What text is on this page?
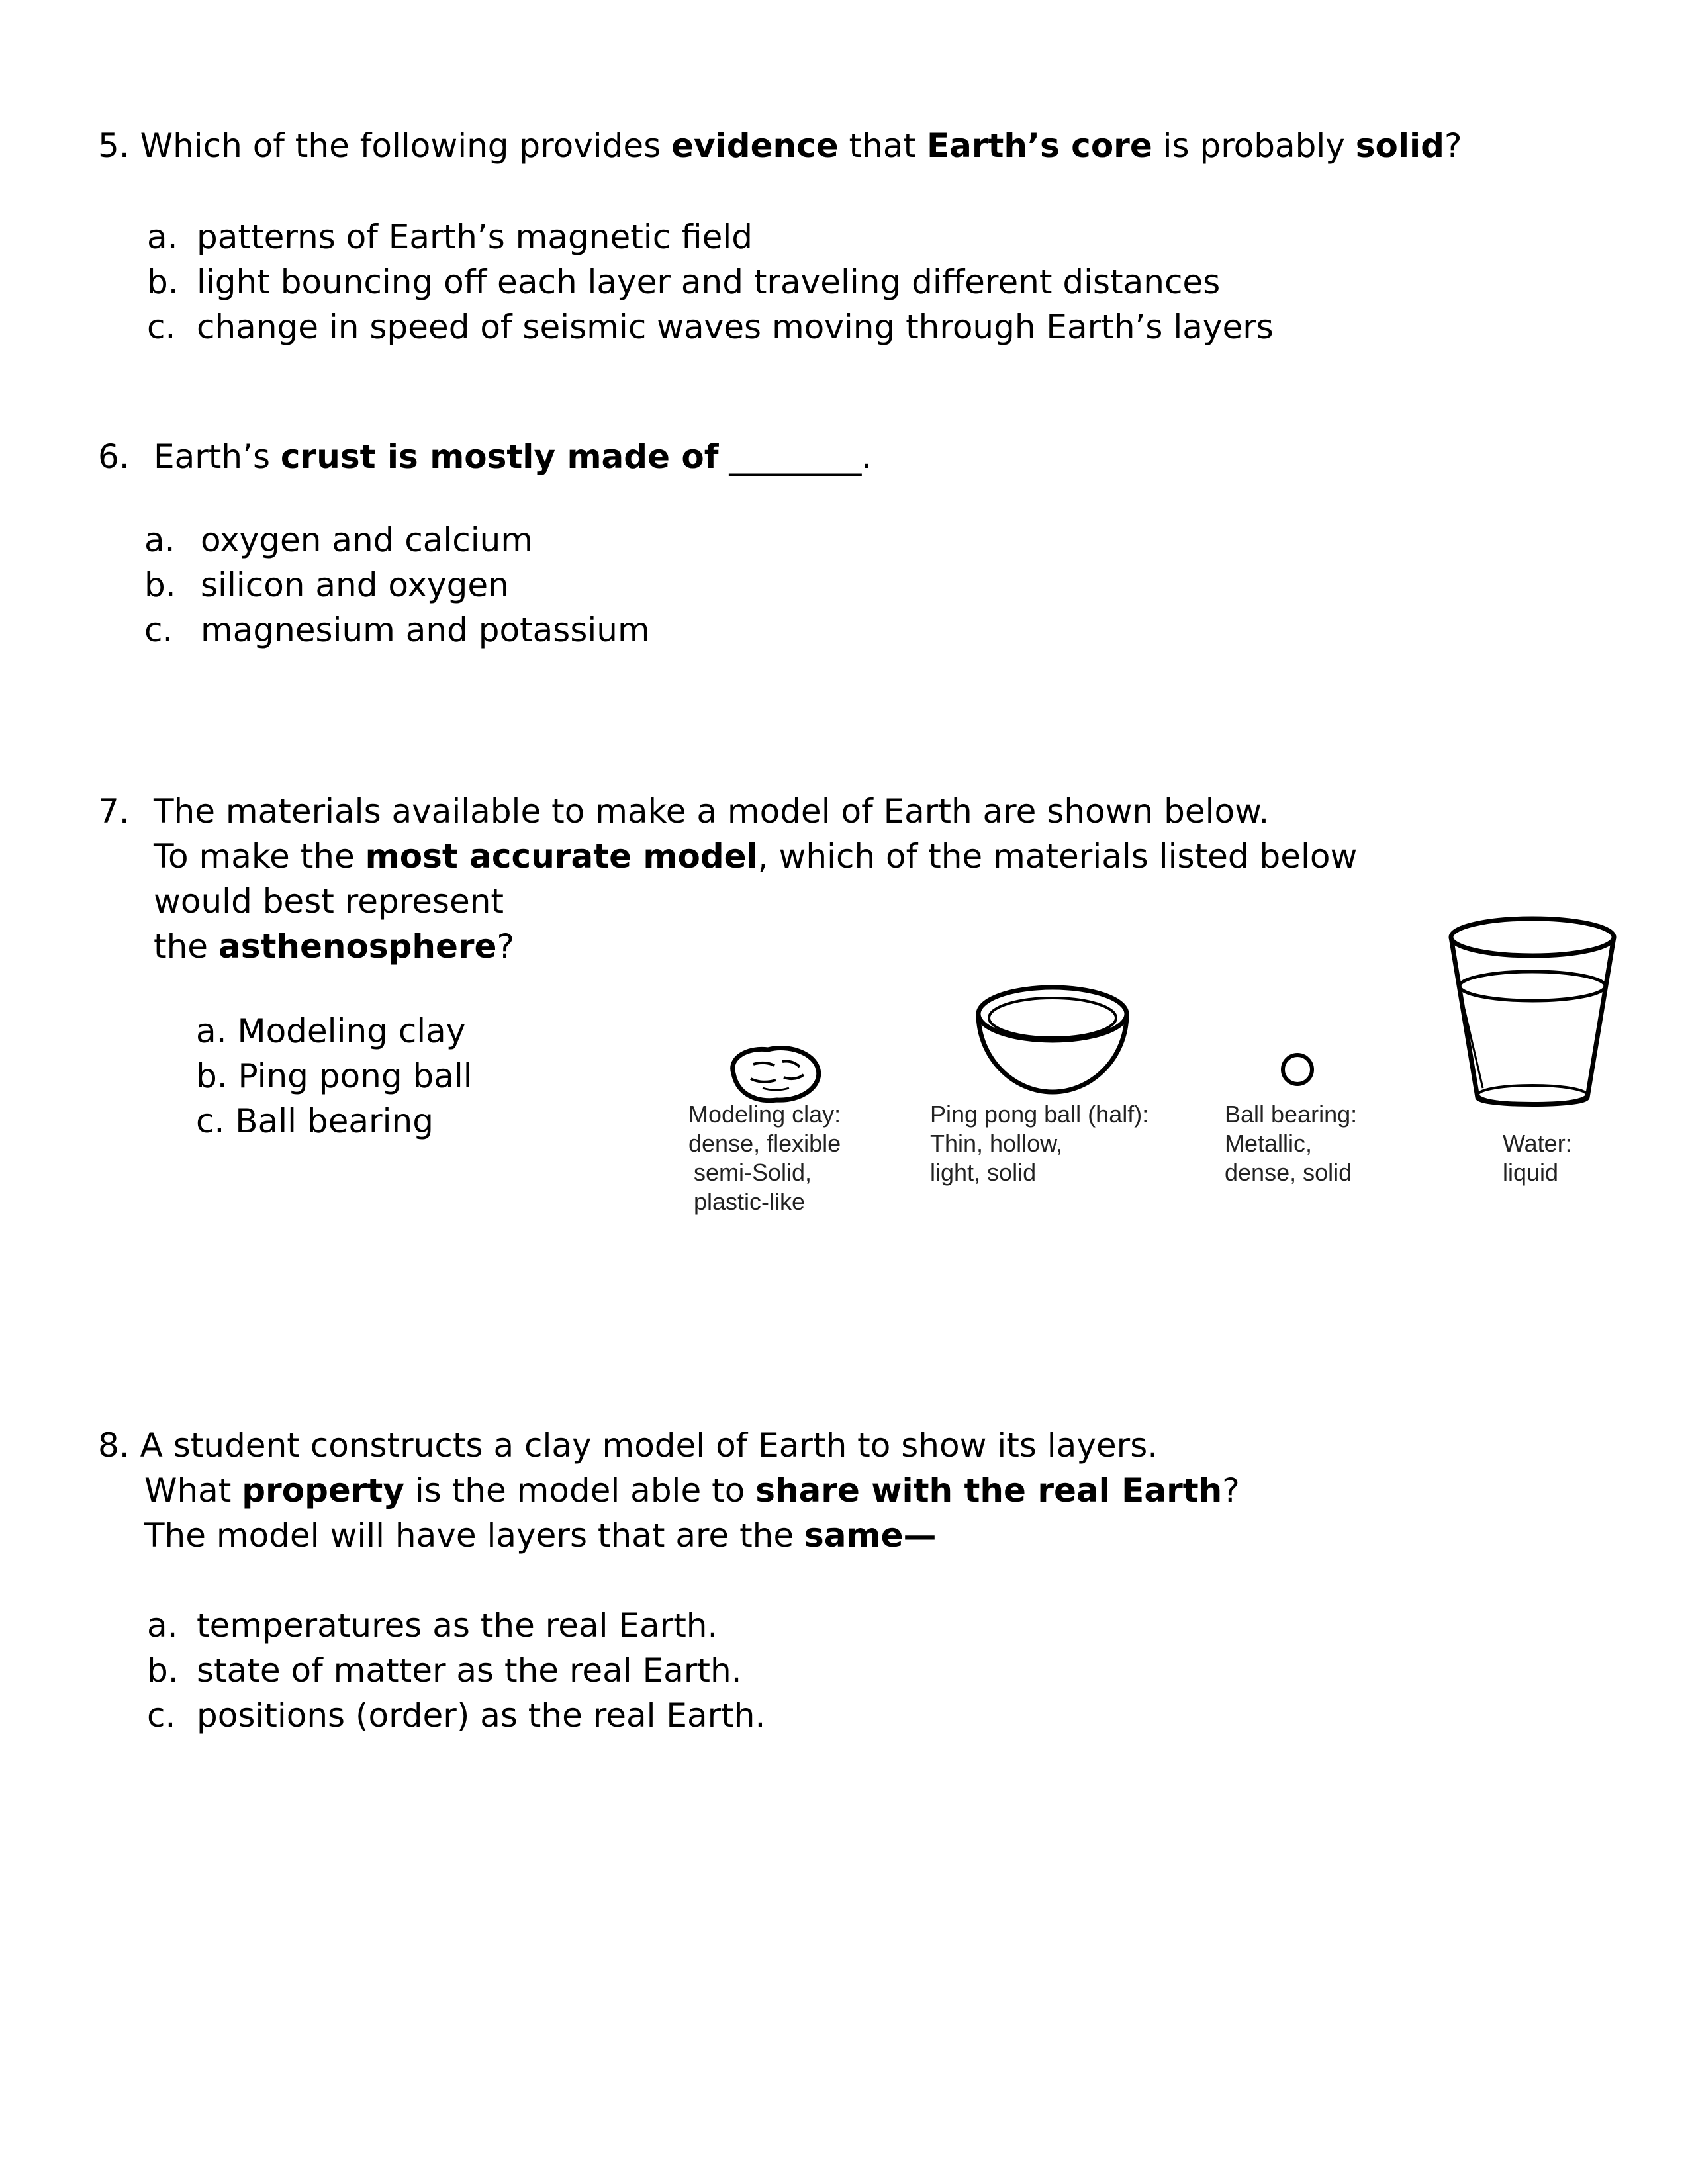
5. Which of the following provides evidence that Earth’s core is probably solid?
a. patterns of Earth’s magnetic field
b. light bouncing off each layer and traveling different distances
c. change in speed of seismic waves moving through Earth’s layers
6. Earth’s crust is mostly made of ________.
a. oxygen and calcium
b. silicon and oxygen
c. magnesium and potassium
7. The materials available to make a model of Earth are shown below.
To make the most accurate model, which of the materials listed below
would best represent
the asthenosphere?
a. Modeling clay
b. Ping pong ball
c. Ball bearing	Modeling clay:
dense, flexible
semi-Solid,
plastic-like
Ping pong ball (half):
Thin, hollow,
light, solid
Ball bearing:
Metallic,
dense, solid
Water:
liquid
8. A student constructs a clay model of Earth to show its layers.
What property is the model able to share with the real Earth?
The model will have layers that are the same—
a. temperatures as the real Earth.
b. state of matter as the real Earth.
c. positions (order) as the real Earth.
